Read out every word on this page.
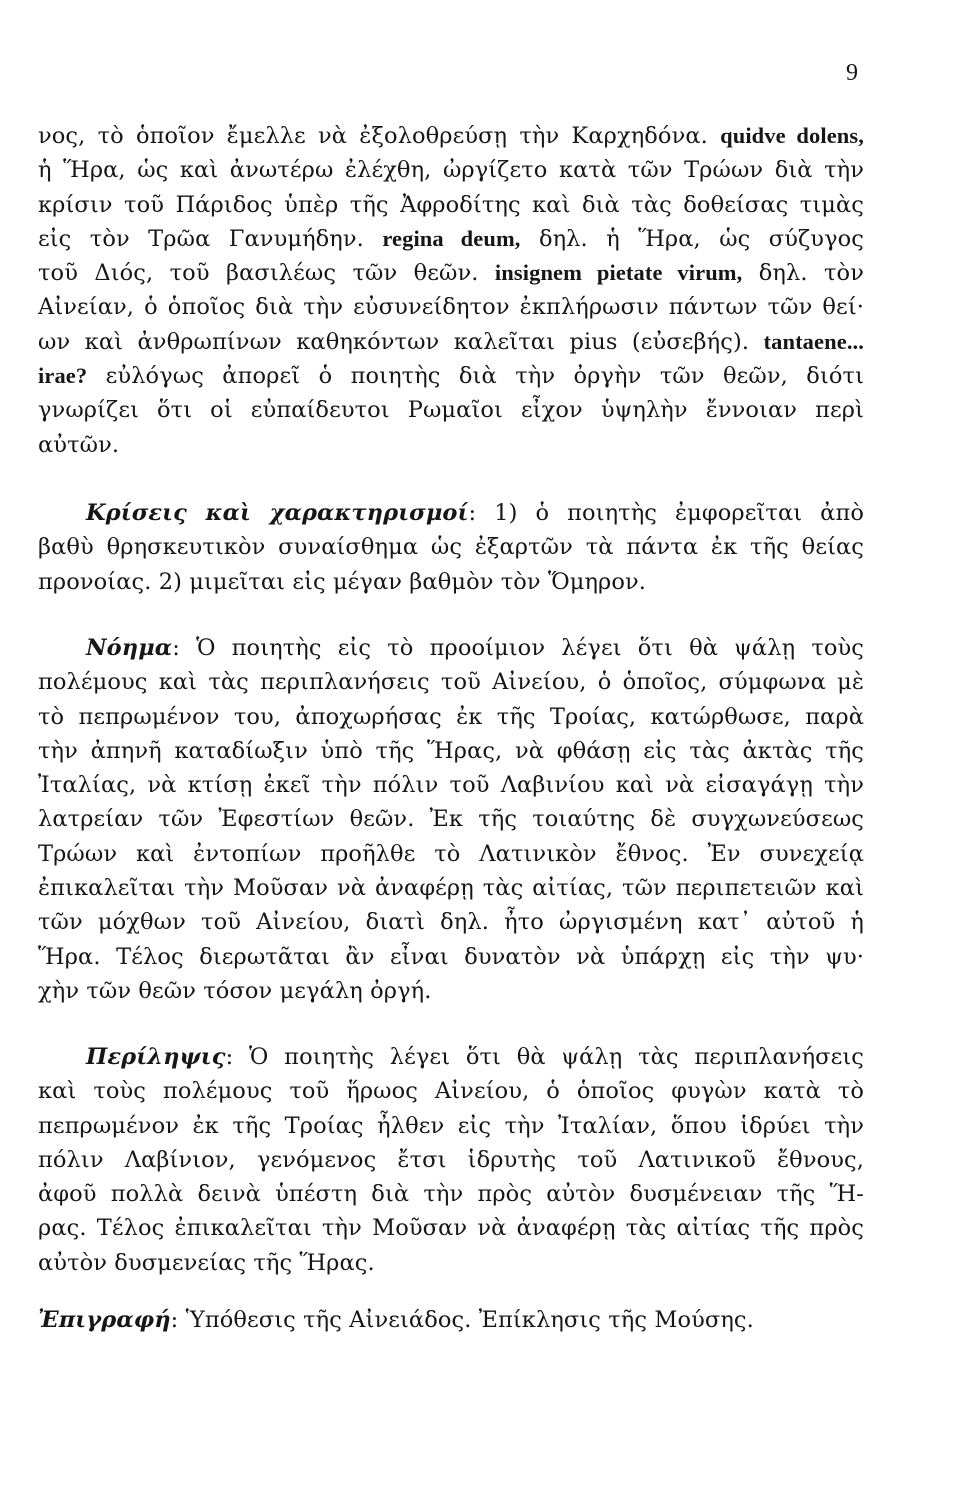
9
νος, τὸ ὁποῖον ἔμελλε νὰ ἐξολοθρεύσῃ τὴν Καρχηδόνα. quidve dolens,
ἡ Ἥρα, ὡς καὶ ἀνωτέρω ἐλέχθη, ὠργίζετο κατὰ τῶν Τρώων διὰ τὴν
κρίσιν τοῦ Πάριδος ὑπὲρ τῆς Ἀφροδίτης καὶ διὰ τὰς δοθείσας τιμὰς
εἰς τὸν Τρῶα Γανυμήδην. regina deum, δηλ. ἡ Ἥρα, ὡς σύζυγος
τοῦ Διός, τοῦ βασιλέως τῶν θεῶν. insignem pietate virum, δηλ. τὸν
Αἰνείαν, ὁ ὁποῖος διὰ τὴν εὐσυνείδητον ἐκπλήρωσιν πάντων τῶν θεί·
ων καὶ ἀνθρωπίνων καθηκόντων καλεῖται pius (εὐσεβής). tantaene...
irae? εὐλόγως ἀπορεῖ ὁ ποιητὴς διὰ τὴν ὀργὴν τῶν θεῶν, διότι
γνωρίζει ὅτι οἱ εὐπαίδευτοι Ρωμαῖοι εἶχον ὑψηλὴν ἔννοιαν περὶ
αὐτῶν.
Κρίσεις καὶ χαρακτηρισμοί: 1) ὁ ποιητὴς ἐμφορεῖται ἀπὸ
βαθὺ θρησκευτικὸν συναίσθημα ὡς ἐξαρτῶν τὰ πάντα ἐκ τῆς θείας
προνοίας. 2) μιμεῖται εἰς μέγαν βαθμὸν τὸν Ὅμηρον.
Νόημα: Ὁ ποιητὴς εἰς τὸ προοίμιον λέγει ὅτι θὰ ψάλῃ τοὺς
πολέμους καὶ τὰς περιπλανήσεις τοῦ Αἰνείου, ὁ ὁποῖος, σύμφωνα μὲ
τὸ πεπρωμένον του, ἀποχωρήσας ἐκ τῆς Τροίας, κατώρθωσε, παρὰ
τὴν ἀπηνῆ καταδίωξιν ὑπὸ τῆς Ἥρας, νὰ φθάσῃ εἰς τὰς ἀκτὰς τῆς
Ἰταλίας, νὰ κτίσῃ ἐκεῖ τὴν πόλιν τοῦ Λαβινίου καὶ νὰ εἰσαγάγῃ τὴν
λατρείαν τῶν Ἐφεστίων θεῶν. Ἐκ τῆς τοιαύτης δὲ συγχωνεύσεως
Τρώων καὶ ἐντοπίων προῆλθε τὸ Λατινικὸν ἔθνος. Ἐν συνεχείᾳ
ἐπικαλεῖται τὴν Μοῦσαν νὰ ἀναφέρῃ τὰς αἰτίας, τῶν περιπετειῶν καὶ
τῶν μόχθων τοῦ Αἰνείου, διατὶ δηλ. ἦτο ὠργισμένη κατ᾿ αὐτοῦ ἡ
Ἥρα. Τέλος διερωτᾶται ἂν εἶναι δυνατὸν νὰ ὑπάρχῃ εἰς τὴν ψυ·
χὴν τῶν θεῶν τόσον μεγάλη ὀργή.
Περίληψις: Ὁ ποιητὴς λέγει ὅτι θὰ ψάλῃ τὰς περιπλανήσεις
καὶ τοὺς πολέμους τοῦ ἥρωος Αἰνείου, ὁ ὁποῖος φυγὼν κατὰ τὸ
πεπρωμένον ἐκ τῆς Τροίας ἦλθεν εἰς τὴν Ἰταλίαν, ὅπου ἱδρύει τὴν
πόλιν Λαβίνιον, γενόμενος ἔτσι ἱδρυτὴς τοῦ Λατινικοῦ ἔθνους,
ἀφοῦ πολλὰ δεινὰ ὑπέστη διὰ τὴν πρὸς αὐτὸν δυσμένειαν τῆς Ἥ-
ρας. Τέλος ἐπικαλεῖται τὴν Μοῦσαν νὰ ἀναφέρῃ τὰς αἰτίας τῆς πρὸς
αὐτὸν δυσμενείας τῆς Ἥρας.
Ἐπιγραφή: Ὑπόθεσις τῆς Αἰνειάδος. Ἐπίκλησις τῆς Μούσης.
